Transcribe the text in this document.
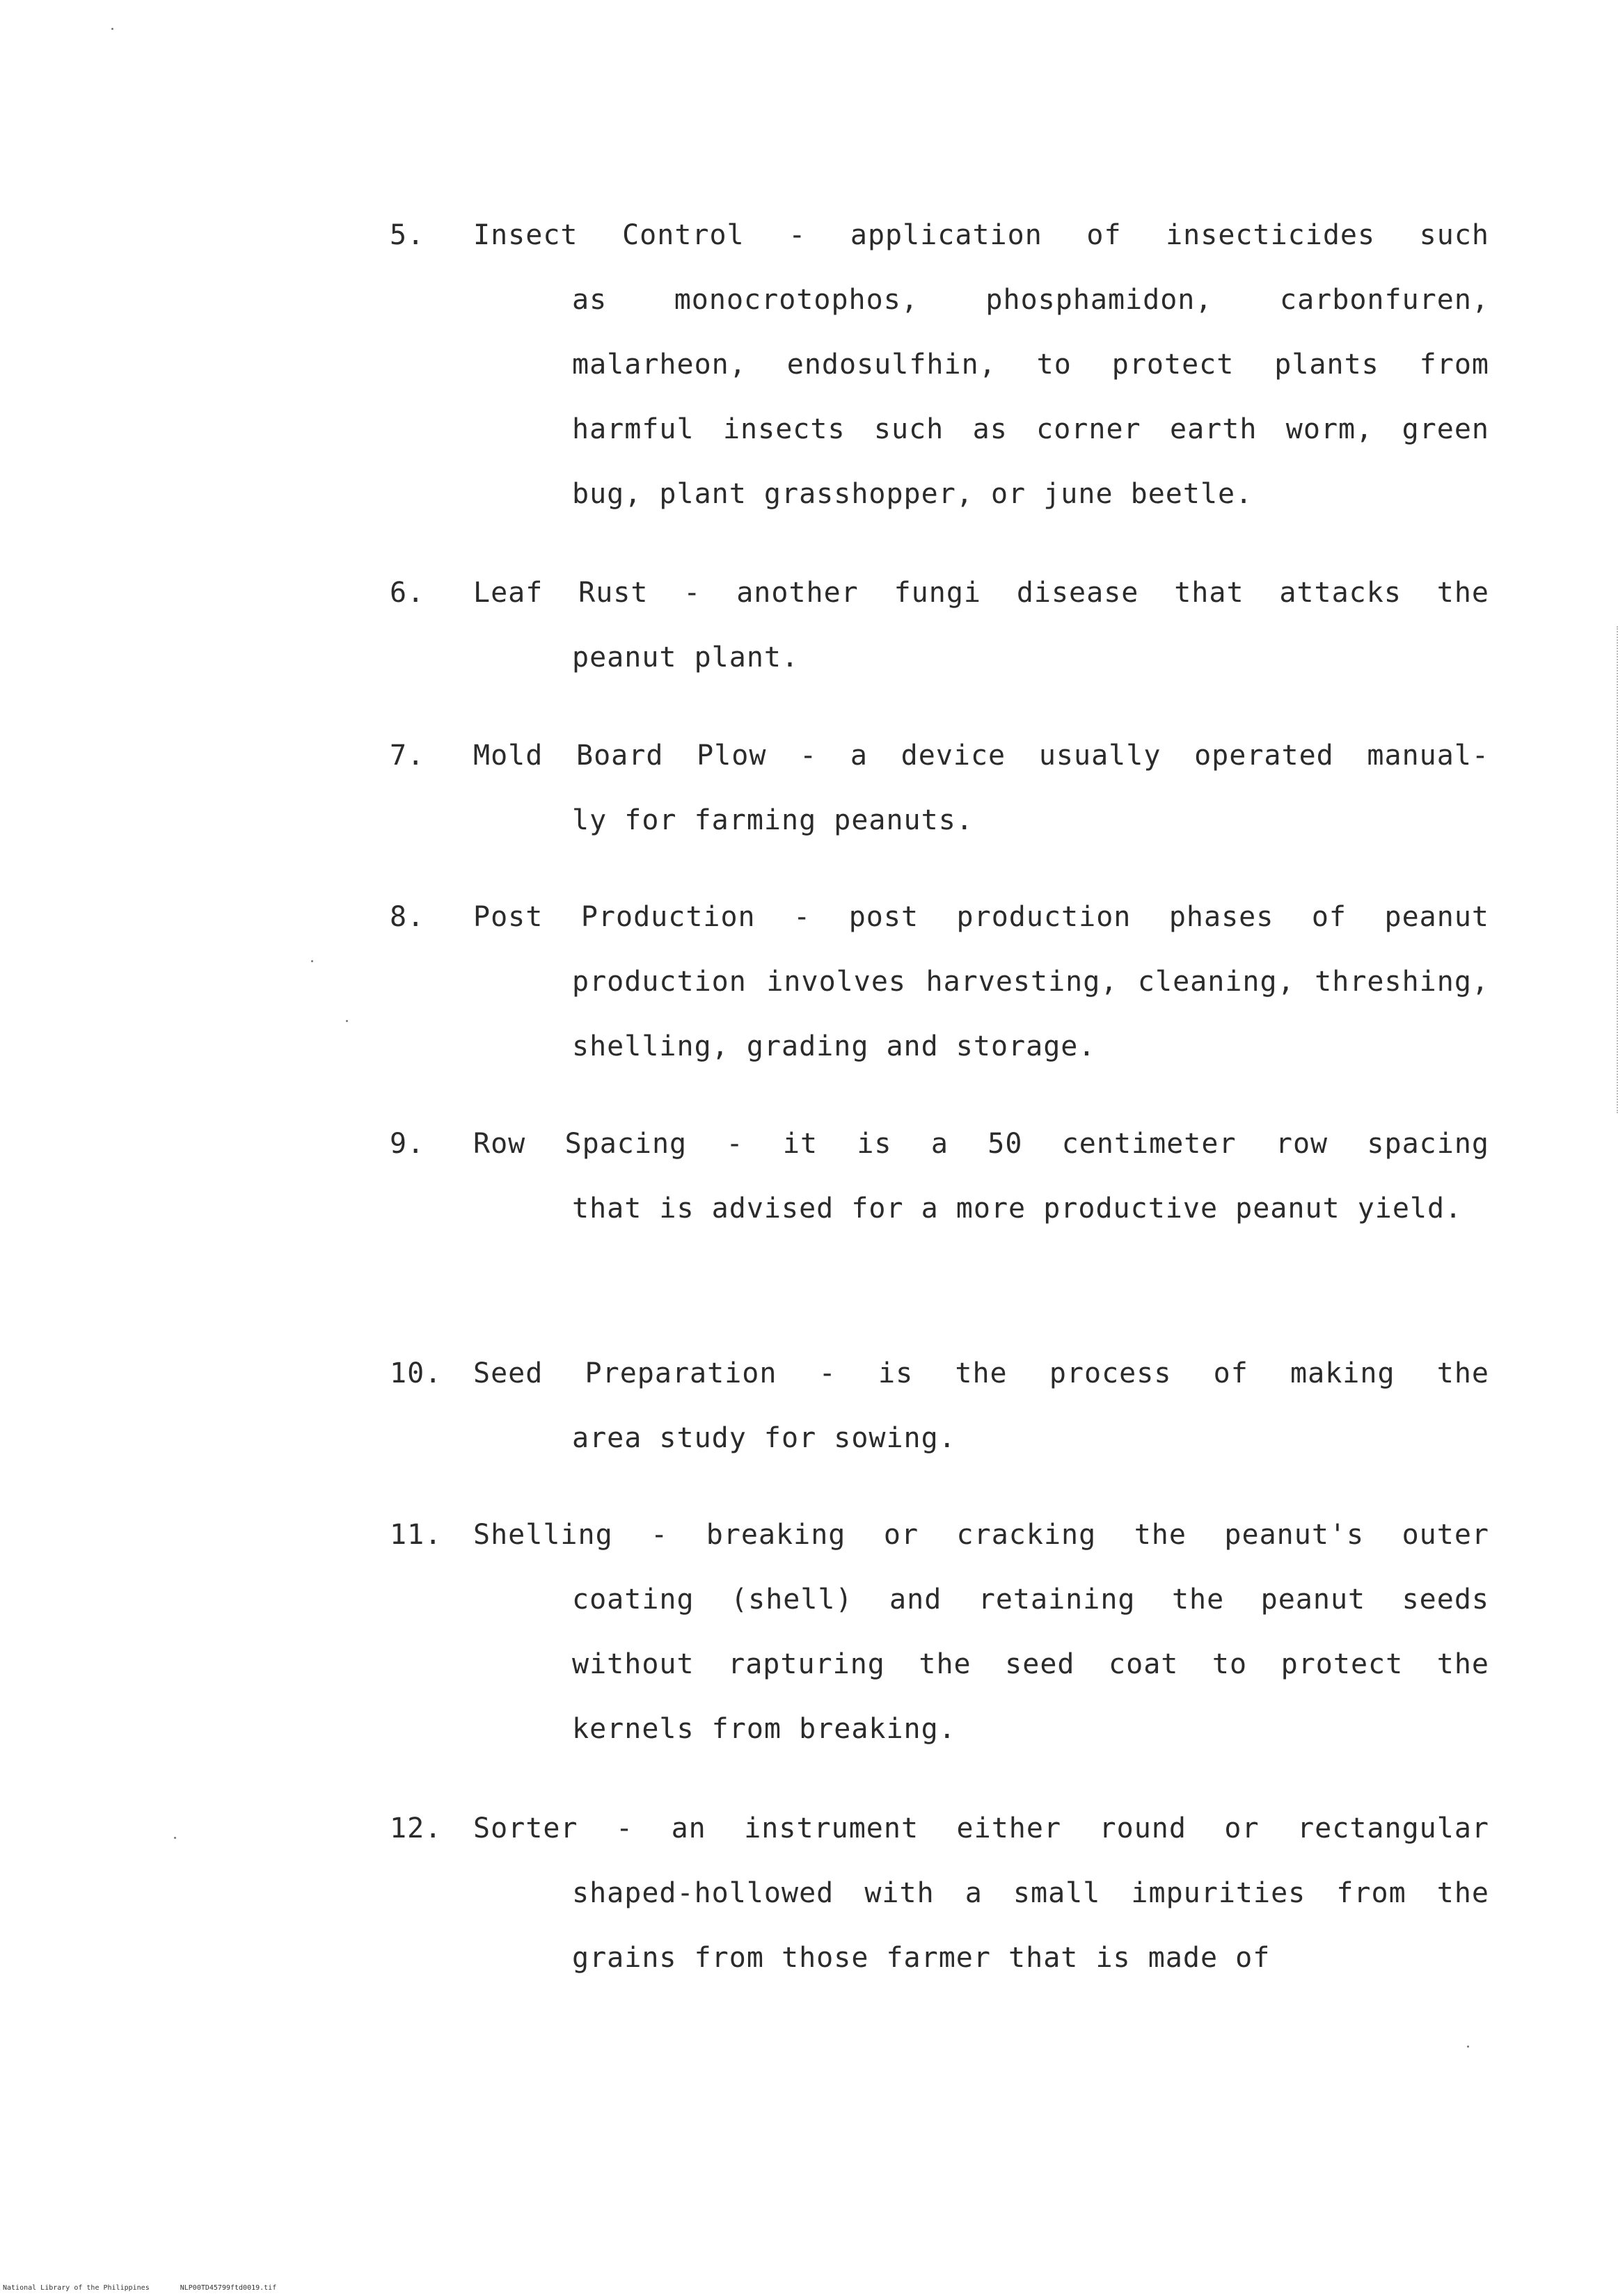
5.	Insect Control - application of insecticides such
as monocrotophos, phosphamidon, carbonfuren, malarheon, endosulfhin, to protect plants from harmful insects such as corner earth worm, green bug, plant grasshopper, or june beetle.
6.	Leaf Rust - another fungi disease that attacks the
peanut plant.
7.	Mold Board Plow - a device usually operated manual-
ly for farming peanuts.
8.	Post Production - post production phases of peanut
production involves harvesting, cleaning, threshing, shelling, grading and storage.
9.	Row Spacing - it is a 50 centimeter row spacing
that is advised for a more productive peanut yield.
10.	Seed Preparation - is the process of making the
area study for sowing.
11.	Shelling - breaking or cracking the peanut's outer
coating (shell) and retaining the peanut seeds without rapturing the seed coat to protect the kernels from breaking.
12.	Sorter - an instrument either round or rectangular
shaped-hollowed with a small impurities from the grains from those farmer that is made of
National Library of the Philippines	NLP00TD45799ftd0019.tif
